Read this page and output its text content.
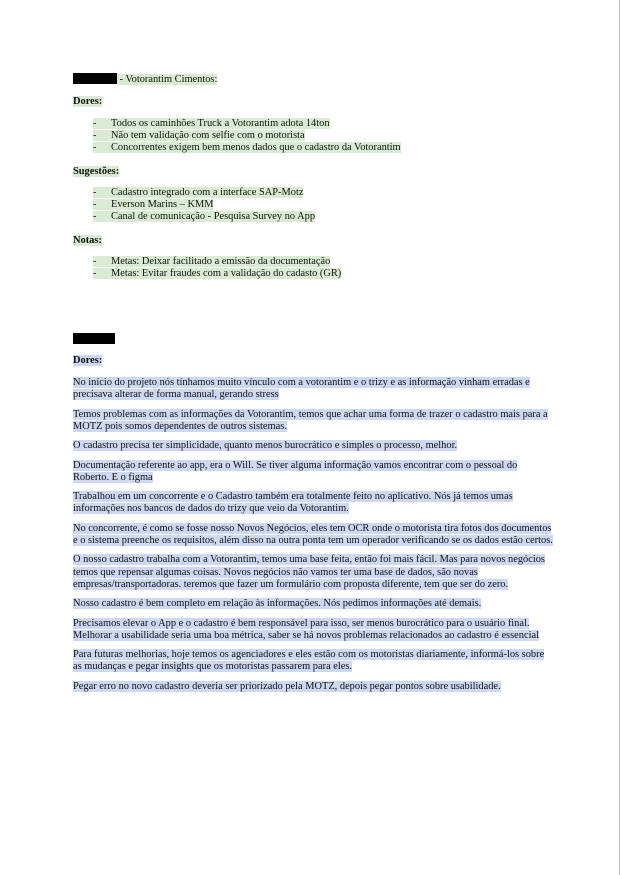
- Votorantim Cimentos:
Dores:
- Todos os caminhões Truck a Votorantim adota 14ton
- Não tem validação com selfie com o motorista
- Concorrentes exigem bem menos dados que o cadastro da Votorantim
Sugestões:
- Cadastro integrado com a interface SAP-Motz
- Everson Marins – KMM
- Canal de comunicação - Pesquisa Survey no App
Notas:
- Metas: Deixar facilitado a emissão da documentação
- Metas: Evitar fraudes com a validação do cadasto (GR)
Dores:

No início do projeto nós tínhamos muito vínculo com a votorantim e o trizy e as informação vinham erradas e precisava alterar de forma manual, gerando stress

Temos problemas com as informações da Votorantim, temos que achar uma forma de trazer o cadastro mais para a MOTZ pois somos dependentes de outros sistemas.

O cadastro precisa ter simplicidade, quanto menos burocrático e simples o processo, melhor.

Documentação referente ao app, era o Will. Se tiver alguma informação vamos encontrar com o pessoal do Roberto. E o figma

Trabalhou em um concorrente e o Cadastro também era totalmente feito no aplicativo. Nós já temos umas informações nos bancos de dados do trizy que veio da Votorantim.

No concorrente, é como se fosse nosso Novos Negócios, eles tem OCR onde o motorista tira fotos dos documentos e o sistema preenche os requisitos, além disso na outra ponta tem um operador verificando se os dados estão certos.

O nosso cadastro trabalha com a Votorantim, temos uma base feita, então foi mais fácil. Mas para novos negócios temos que repensar algumas coisas. Novos negócios não vamos ter uma base de dados, são novas empresas/transportadoras. teremos que fazer um formulário com proposta diferente, tem que ser do zero.

Nosso cadastro é bem completo em relação às informações. Nós pedimos informações até demais.

Precisamos elevar o App e o cadastro é bem responsável para isso, ser menos burocrático para o usuário final. Melhorar a usabilidade seria uma boa métrica, saber se há novos problemas relacionados ao cadastro é essencial

Para futuras melhorias, hoje temos os agenciadores e eles estão com os motoristas diariamente, informá-los sobre as mudanças e pegar insights que os motoristas passarem para eles.

Pegar erro no novo cadastro deveria ser priorizado pela MOTZ, depois pegar pontos sobre usabilidade.
